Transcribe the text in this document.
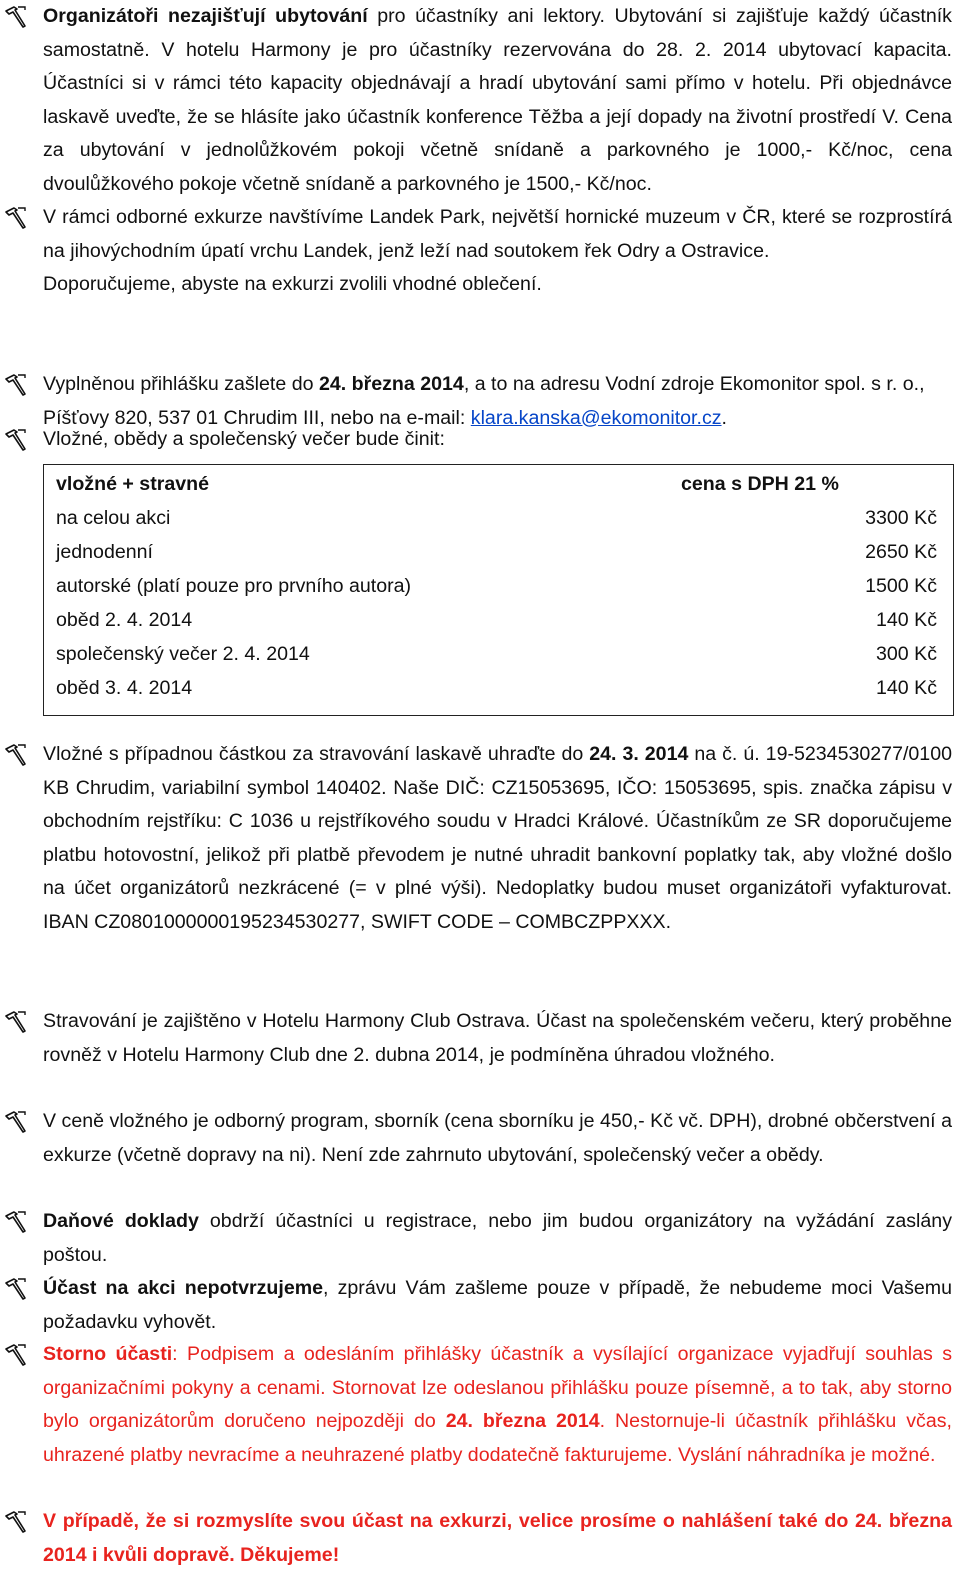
Organizátoři nezajišťují ubytování pro účastníky ani lektory. Ubytování si zajišťuje každý účastník samostatně. V hotelu Harmony je pro účastníky rezervována do 28. 2. 2014 ubytovací kapacita. Účastníci si v rámci této kapacity objednávají a hradí ubytování sami přímo v hotelu. Při objednávce laskavě uveďte, že se hlásíte jako účastník konference Těžba a její dopady na životní prostředí V. Cena za ubytování v jednolůžkovém pokoji včetně snídaně a parkovného je 1000,- Kč/noc, cena dvoulůžkového pokoje včetně snídaně a parkovného je 1500,- Kč/noc.

V rámci odborné exkurze navštívíme Landek Park, největší hornické muzeum v ČR, které se rozprostírá na jihovýchodním úpatí vrchu Landek, jenž leží nad soutokem řek Odry a Ostravice.

Doporučujeme, abyste na exkurzi zvolili vhodné oblečení.

Vyplněnou přihlášku zašlete do 24. března 2014, a to na adresu Vodní zdroje Ekomonitor spol. s r. o., Píšťovy 820, 537 01 Chrudim III, nebo na e-mail: klara.kanska@ekomonitor.cz.

Vložné, obědy a společenský večer bude činit:

vložné + stravné	cena s DPH 21 %
na celou akci	3300 Kč
jednodenní	2650 Kč
autorské (platí pouze pro prvního autora)	1500 Kč
oběd 2. 4. 2014	140 Kč
společenský večer 2. 4. 2014	300 Kč
oběd 3. 4. 2014	140 Kč

Vložné s případnou částkou za stravování laskavě uhraďte do 24. 3. 2014 na č. ú. 19-5234530277/0100 KB Chrudim, variabilní symbol 140402. Naše DIČ: CZ15053695, IČO: 15053695, spis. značka zápisu v obchodním rejstříku: C 1036 u rejstříkového soudu v Hradci Králové. Účastníkům ze SR doporučujeme platbu hotovostní, jelikož při platbě převodem je nutné uhradit bankovní poplatky tak, aby vložné došlo na účet organizátorů nezkrácené (= v plné výši). Nedoplatky budou muset organizátoři vyfakturovat. IBAN CZ0801000000195234530277, SWIFT CODE – COMBCZPPXXX.

Stravování je zajištěno v Hotelu Harmony Club Ostrava. Účast na společenském večeru, který proběhne rovněž v Hotelu Harmony Club dne 2. dubna 2014, je podmíněna úhradou vložného.

V ceně vložného je odborný program, sborník (cena sborníku je 450,- Kč vč. DPH), drobné občerstvení a exkurze (včetně dopravy na ni). Není zde zahrnuto ubytování, společenský večer a obědy.

Daňové doklady obdrží účastníci u registrace, nebo jim budou organizátory na vyžádání zaslány poštou.

Účast na akci nepotvrzujeme, zprávu Vám zašleme pouze v případě, že nebudeme moci Vašemu požadavku vyhovět.

Storno účasti: Podpisem a odesláním přihlášky účastník a vysílající organizace vyjadřují souhlas s organizačními pokyny a cenami. Stornovat lze odeslanou přihlášku pouze písemně, a to tak, aby storno bylo organizátorům doručeno nejpozději do 24. března 2014. Nestornuje-li účastník přihlášku včas, uhrazené platby nevracíme a neuhrazené platby dodatečně fakturujeme. Vyslání náhradníka je možné.

V případě, že si rozmyslíte svou účast na exkurzi, velice prosíme o nahlášení také do 24. března 2014 i kvůli dopravě. Děkujeme!
